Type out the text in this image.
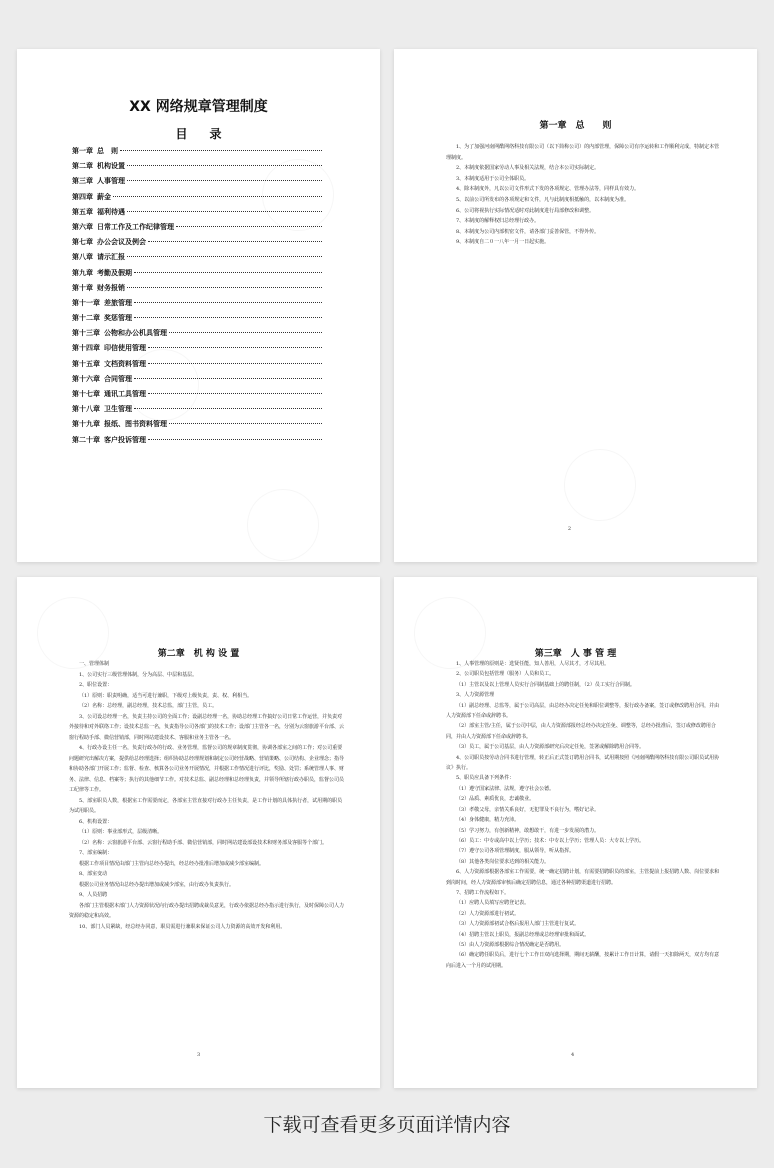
XX 网络规章管理制度
目录
第一章 总　则
第二章 机构设置
第三章 人事管理
第四章 薪金
第五章 福利待遇
第六章 日常工作及工作纪律管理
第七章 办公会议及例会
第八章 请示汇报
第九章 考勤及假期
第十章 财务报销
第十一章 差旅管理
第十二章 奖惩管理
第十三章 公物和办公机具管理
第十四章 印信使用管理
第十五章 文档资料管理
第十六章 合同管理
第十七章 通讯工具管理
第十八章 卫生管理
第十九章 报纸、图书资料管理
第二十章 客户投诉管理
第一章　总　　则

1、为了加强河南网酷网络科技有限公司（以下简称公司）的内部管理，保障公司有序运转和工作顺利完成，特制定本管理制度。

2、本制度依据国家劳动人事及相关法规，结合本公司实际制定。

3、本制度适用于公司全体职员。

4、除本制度外，凡以公司文件形式下发的各项规定、管理办法等，同样具有效力。

5、以前公司所发布的各项规定和文件，凡与此制度相抵触的，以本制度为准。

6、公司将视执行实际情况适时对此制度进行局部修改和调整。

7、本制度的解释权归总经理行政办。

8、本制度为公司内部机密文件，请各部门妥善保管，不得外传。

9、本制度自二０一八年一月一日起实施。

2
第二章　机 构 设 置

一、管理体制

1、公司实行三级管理体制，分为高层、中层和基层。

2、职位设置：

（1）原则：职责明确，适当可进行兼职，下级对上级负责，责、权、利相当。

（2）名称：总经理，副总经理，技术总监，部门主管，员工。

3、公司设总经理一名，负责主持公司的全面工作；设副总经理一名，协助总经理工作搞好公司日常工作运营，并负责对外接待和对外联络工作；设技术总监一名，负责指导公司各部门的技术工作；设部门主管各一名，分别为云窗旅游平台部、云窗行程助手部、微信营销部，同时网站建设技术、客服和业务主管各一名。

4、行政办设主任一名，负责行政办的行政、业务管理，监督公司的规章制度贯彻，协调各部室之间的工作；对公司重要问题研究出解决方案，提供给总经理选择；组织协助总经理规划和制定公司经营战略、营销策略、公司结构、企业理念；指导和协助各部门开展工作；监督、检查、核算各公司业务开展情况，并根据工作情况进行评比，奖励、处罚；系统管理人事、财务、法律、信息、档案等；执行的其他细节工作。对技术总监、副总经理和总经理负责，并领导所辖行政办职员，监督公司员工纪律等工作。

5、部室职员人数，根据室工作需要而定，各部室主管直接对行政办主任负责，是工作计划的具体执行者，试用期的职员为试用职员。

6、机构设置：

（1）原则：事业部形式，层级清晰。

（2）名称：云窗旅游平台部、云窗行程助手部、微信营销部，同时网站建设部设技术和财务部及客服等个部门。

7、部室编制：

根据工作项目情况由部门主管向总经办提出，经总经办批准后增加或减少部室编制。

8、部室变动

根据公司业务情况由总经办提出增加或减少部室，由行政办负责执行。

9、人员招聘

各部门主管根据本部门人力资源状况向行政办提出招聘或裁员意见，行政办依据总经办指示进行执行，及时保障公司人力资源的稳定和高效。

10、部门人员紧缺，经总经办同意，职员需进行兼职来保证公司人力资源的高效开发和利用。

3
第三章　人 事 管 理

1、人事管理的原则是：选贤任能，知人善用，人尽其才，才尽其用。

2、公司职员包括管理（服务）人员和员工。

（1）主管以及以上管理人员实行合同制基础上的聘任制，（2）员工实行合同制。

3、人力资源管理

（1）副总经理、总监等，属于公司高层，由总经办决定任免和职位调整等，报行政办备案，签订或修改聘用合同，并由人力资源部下任命或辞聘书。

（2）部室主管/主任，属于公司中层，由人力资源部报经总经办决定任免、调整等，总经办批准后，签订或修改聘用合同，并由人力资源部下任命或辞聘书。

（3）员工，属于公司基层，由人力资源部研究后决定任免，签署或解除聘用合同等。

4、公司职员按劳动合同书进行管理，转正后正式签订聘用合同书，试用期按照《河南网酷网络科技有限公司职员试用协议》执行。

5、职员应具备下列条件：

（1）遵守国家法律、法规，遵守社会公德。

（2）品质、素质优良，忠诚敬业。

（3）孝敬父母，亲情关系良好，无犯罪及不良行为，嗜好记录。

（4）身体健康，精力充沛。

（5）学习努力，有创新精神，敢想敢干，有进一步发展的潜力。

（6）员工：中专或高中以上学历；技术：中专以上学历；管理人员：大专以上学历。

（7）遵守公司各项管理制度，服从领导，听从指挥。

（8）其他各类岗位要求达到的相关能力。

6、人力资源部根据各部室工作需要，统一确定招聘计划，有需要招聘职员的部室，主管提前上报招聘人数、岗位要求和到岗时间，经人力资源部审核后确定招聘信息，通过各种招聘渠道进行招聘。

7、招聘工作流程如下。

（1）应聘人员填写应聘登记表。

（2）人力资源部进行初试。

（3）人力资源部初试合格后报用人部门主管进行复试。

（4）招聘主管以上职员，报副总经理或总经理审批和面试。

（5）由人力资源部根据综合情况确定是否聘用。

（6）确定聘任职员后，进行七个工作日双向选择期，期间无薪酬，按累计工作日计算，请假一天扣除两天，双方均有意向后进入一个月的试用期。

4
下载可查看更多页面详情内容
